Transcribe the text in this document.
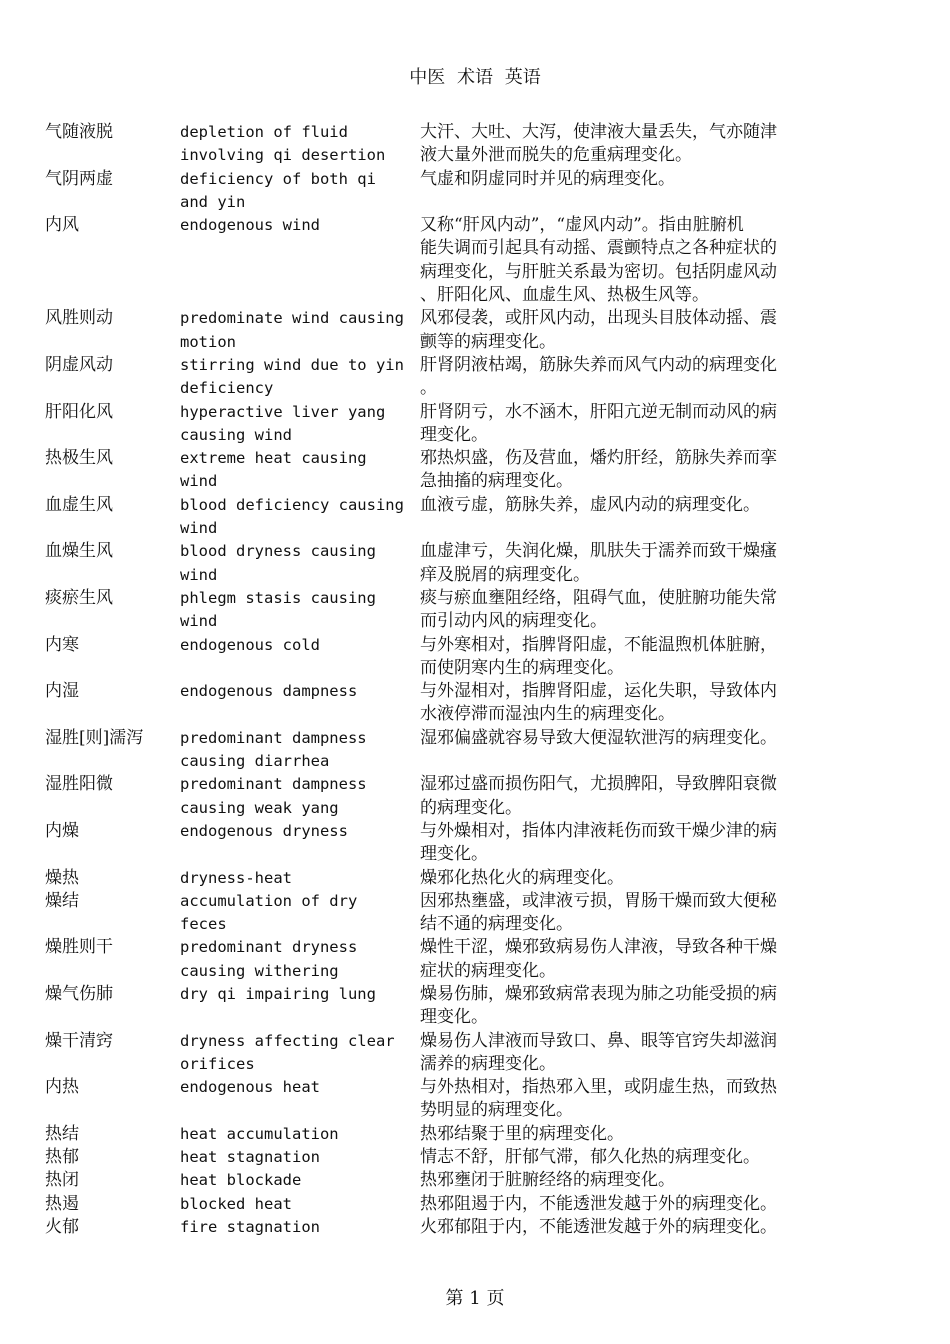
中医 术语 英语
气随液脱	depletion of fluid
involving qi desertion
大汗、大吐、大泻，使津液大量丢失，气亦随津
液大量外泄而脱失的危重病理变化。
气阴两虚	deficiency of both qi
and yin
气虚和阴虚同时并见的病理变化。
内风	endogenous wind	又称“肝风内动”，“虚风内动”。指由脏腑机
能失调而引起具有动摇、震颤特点之各种症状的
病理变化，与肝脏关系最为密切。包括阴虚风动
、肝阳化风、血虚生风、热极生风等。
风胜则动	predominate wind causing
motion
风邪侵袭，或肝风内动，出现头目肢体动摇、震
颤等的病理变化。
阴虚风动	stirring wind due to yin
deficiency
肝肾阴液枯竭，筋脉失养而风气内动的病理变化
。
肝阳化风	hyperactive liver yang
causing wind
肝肾阴亏，水不涵木，肝阳亢逆无制而动风的病
理变化。
热极生风	extreme heat causing
wind
邪热炽盛，伤及营血，燔灼肝经，筋脉失养而挛
急抽搐的病理变化。
血虚生风	blood deficiency causing
wind
血液亏虚，筋脉失养，虚风内动的病理变化。
血燥生风	blood dryness causing
wind
血虚津亏，失润化燥，肌肤失于濡养而致干燥瘙
痒及脱屑的病理变化。
痰瘀生风	phlegm stasis causing
wind
痰与瘀血壅阻经络，阻碍气血，使脏腑功能失常
而引动内风的病理变化。
内寒	endogenous cold	与外寒相对，指脾肾阳虚，不能温煦机体脏腑，
而使阴寒内生的病理变化。
内湿	endogenous dampness	与外湿相对，指脾肾阳虚，运化失职，导致体内
水液停滞而湿浊内生的病理变化。
湿胜[则]濡泻	predominant dampness
causing diarrhea
湿邪偏盛就容易导致大便湿软泄泻的病理变化。
湿胜阳微	predominant dampness
causing weak yang
湿邪过盛而损伤阳气，尤损脾阳，导致脾阳衰微
的病理变化。
内燥	endogenous dryness	与外燥相对，指体内津液耗伤而致干燥少津的病
理变化。
燥热	dryness-heat	燥邪化热化火的病理变化。
燥结	accumulation of dry
feces
因邪热壅盛，或津液亏损，胃肠干燥而致大便秘
结不通的病理变化。
燥胜则干	predominant dryness
causing withering
燥性干涩，燥邪致病易伤人津液，导致各种干燥
症状的病理变化。
燥气伤肺	dry qi impairing lung	燥易伤肺，燥邪致病常表现为肺之功能受损的病
理变化。
燥干清窍	dryness affecting clear
orifices
燥易伤人津液而导致口、鼻、眼等官窍失却滋润
濡养的病理变化。
内热	endogenous heat	与外热相对，指热邪入里，或阴虚生热，而致热
势明显的病理变化。
热结	heat accumulation	热邪结聚于里的病理变化。
热郁	heat stagnation	情志不舒，肝郁气滞，郁久化热的病理变化。
热闭	heat blockade	热邪壅闭于脏腑经络的病理变化。
热遏	blocked heat	热邪阻遏于内，不能透泄发越于外的病理变化。
火郁	fire stagnation	火邪郁阻于内，不能透泄发越于外的病理变化。
第 1 页
